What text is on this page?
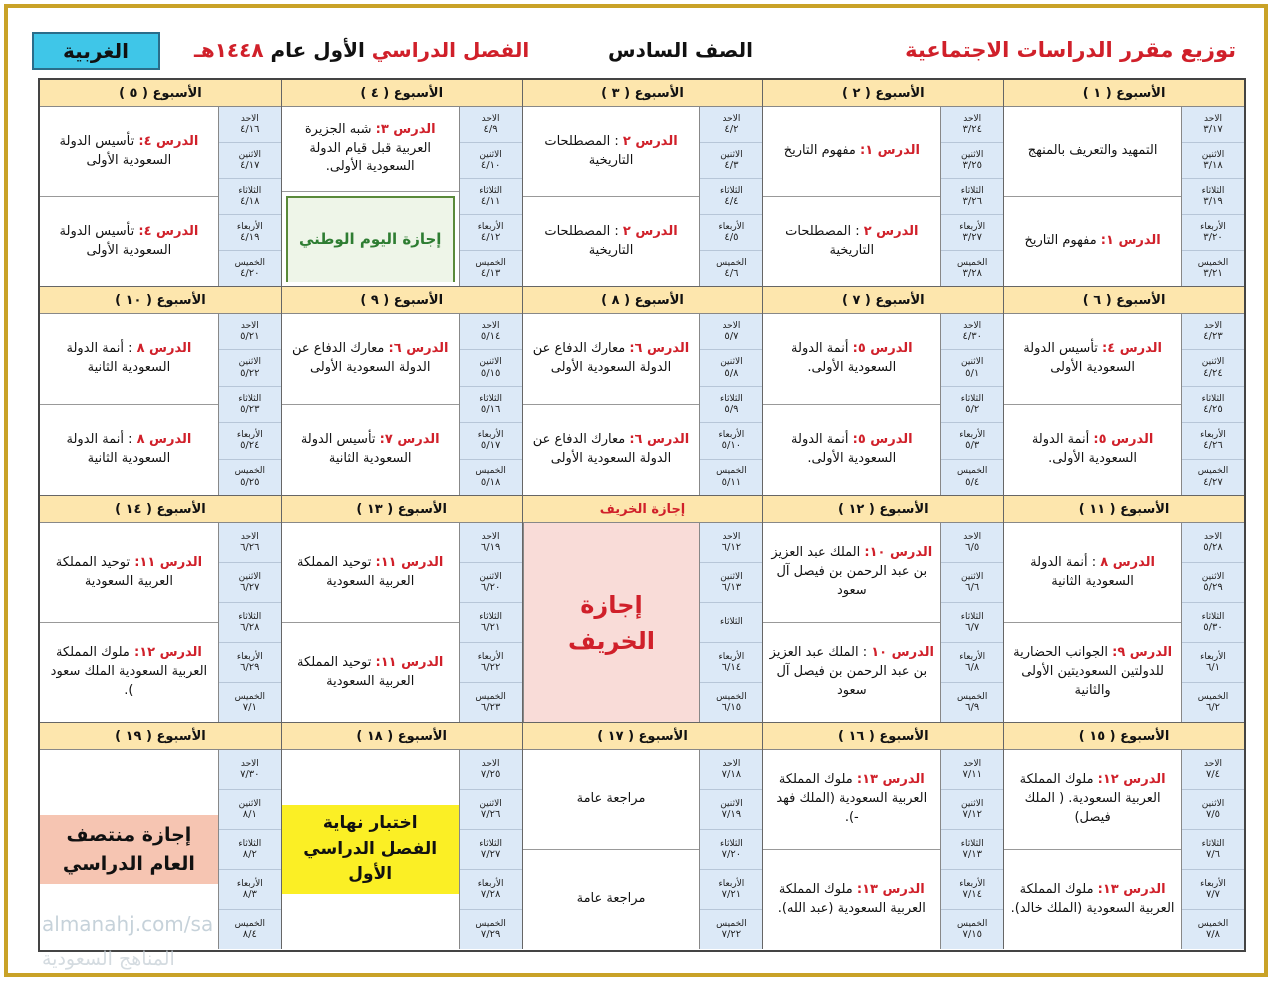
توزيع مقرر الدراسات الاجتماعية
الصف السادس
الفصل الدراسي الأول عام ١٤٤٨هـ
الغربية
الأسبوع ( ١ )
الاحد
٣/١٧
الاثنين
٣/١٨
الثلاثاء
٣/١٩
الأربعاء
٣/٢٠
الخميس
٣/٢١
التمهيد والتعريف بالمنهج
الدرس ١: مفهوم التاريخ
الأسبوع ( ٢ )
الاحد
٣/٢٤
الاثنين
٣/٢٥
الثلاثاء
٣/٢٦
الأربعاء
٣/٢٧
الخميس
٣/٢٨
الدرس ١: مفهوم التاريخ
الدرس ٢ : المصطلحات التاريخية
الأسبوع ( ٣ )
الاحد
٤/٢
الاثنين
٤/٣
الثلاثاء
٤/٤
الأربعاء
٤/٥
الخميس
٤/٦
الدرس ٢ : المصطلحات التاريخية
الدرس ٢ : المصطلحات التاريخية
الأسبوع ( ٤ )
الاحد
٤/٩
الاثنين
٤/١٠
الثلاثاء
٤/١١
الأربعاء
٤/١٢
الخميس
٤/١٣
الدرس ٣: شبه الجزيرة العربية قبل قيام الدولة السعودية الأولى.
إجازة اليوم الوطني
الأسبوع ( ٥ )
الاحد
٤/١٦
الاثنين
٤/١٧
الثلاثاء
٤/١٨
الأربعاء
٤/١٩
الخميس
٤/٢٠
الدرس ٤: تأسيس الدولة السعودية الأولى
الدرس ٤: تأسيس الدولة السعودية الأولى
الأسبوع ( ٦ )
الاحد
٤/٢٣
الاثنين
٤/٢٤
الثلاثاء
٤/٢٥
الأربعاء
٤/٢٦
الخميس
٤/٢٧
الدرس ٤: تأسيس الدولة السعودية الأولى
الدرس ٥: أنمة الدولة السعودية الأولى.
الأسبوع ( ٧ )
الاحد
٤/٣٠
الاثنين
٥/١
الثلاثاء
٥/٢
الأربعاء
٥/٣
الخميس
٥/٤
الدرس ٥: أنمة الدولة السعودية الأولى.
الدرس ٥: أنمة الدولة السعودية الأولى.
الأسبوع ( ٨ )
الاحد
٥/٧
الاثنين
٥/٨
الثلاثاء
٥/٩
الأربعاء
٥/١٠
الخميس
٥/١١
الدرس ٦: معارك الدفاع عن الدولة السعودية الأولى
الدرس ٦: معارك الدفاع عن الدولة السعودية الأولى
الأسبوع ( ٩ )
الاحد
٥/١٤
الاثنين
٥/١٥
الثلاثاء
٥/١٦
الأربعاء
٥/١٧
الخميس
٥/١٨
الدرس ٦: معارك الدفاع عن الدولة السعودية الأولى
الدرس ٧: تأسيس الدولة السعودية الثانية
الأسبوع ( ١٠ )
الاحد
٥/٢١
الاثنين
٥/٢٢
الثلاثاء
٥/٢٣
الأربعاء
٥/٢٤
الخميس
٥/٢٥
الدرس ٨ : أنمة الدولة السعودية الثانية
الدرس ٨ : أنمة الدولة السعودية الثانية
الأسبوع ( ١١ )
الاحد
٥/٢٨
الاثنين
٥/٢٩
الثلاثاء
٥/٣٠
الأربعاء
٦/١
الخميس
٦/٢
الدرس ٨ : أنمة الدولة السعودية الثانية
الدرس ٩: الجوانب الحضارية للدولتين السعوديتين الأولى والثانية
الأسبوع ( ١٢ )
الاحد
٦/٥
الاثنين
٦/٦
الثلاثاء
٦/٧
الأربعاء
٦/٨
الخميس
٦/٩
الدرس ١٠: الملك عبد العزيز بن عبد الرحمن بن فيصل آل سعود
الدرس ١٠ : الملك عبد العزيز بن عبد الرحمن بن فيصل آل سعود
إجازة الخريف
الاحد
٦/١٢
الاثنين
٦/١٣
الثلاثاء
الأربعاء
٦/١٤
الخميس
٦/١٥
إجازة الخريف
الأسبوع ( ١٣ )
الاحد
٦/١٩
الاثنين
٦/٢٠
الثلاثاء
٦/٢١
الأربعاء
٦/٢٢
الخميس
٦/٢٣
الدرس ١١: توحيد المملكة العربية السعودية
الدرس ١١: توحيد المملكة العربية السعودية
الأسبوع ( ١٤ )
الاحد
٦/٢٦
الاثنين
٦/٢٧
الثلاثاء
٦/٢٨
الأربعاء
٦/٢٩
الخميس
٧/١
الدرس ١١: توحيد المملكة العربية السعودية
الدرس ١٢: ملوك المملكة العربية السعودية الملك سعود ).
الأسبوع ( ١٥ )
الاحد
٧/٤
الاثنين
٧/٥
الثلاثاء
٧/٦
الأربعاء
٧/٧
الخميس
٧/٨
الدرس ١٢: ملوك المملكة العربية السعودية. ( الملك فيصل)
الدرس ١٣: ملوك المملكة العربية السعودية (الملك خالد).
الأسبوع ( ١٦ )
الاحد
٧/١١
الاثنين
٧/١٢
الثلاثاء
٧/١٣
الأربعاء
٧/١٤
الخميس
٧/١٥
الدرس ١٣: ملوك المملكة العربية السعودية (الملك فهد -).
الدرس ١٣: ملوك المملكة العربية السعودية (عبد الله).
الأسبوع ( ١٧ )
الاحد
٧/١٨
الاثنين
٧/١٩
الثلاثاء
٧/٢٠
الأربعاء
٧/٢١
الخميس
٧/٢٢
مراجعة عامة
مراجعة عامة
الأسبوع ( ١٨ )
الاحد
٧/٢٥
الاثنين
٧/٢٦
الثلاثاء
٧/٢٧
الأربعاء
٧/٢٨
الخميس
٧/٢٩
اختبار نهاية الفصل الدراسي الأول
الأسبوع ( ١٩ )
الاحد
٧/٣٠
الاثنين
٨/١
الثلاثاء
٨/٢
الأربعاء
٨/٣
الخميس
٨/٤
إجازة منتصف العام الدراسي
almanahj.com/sa
المناهج السعودية
